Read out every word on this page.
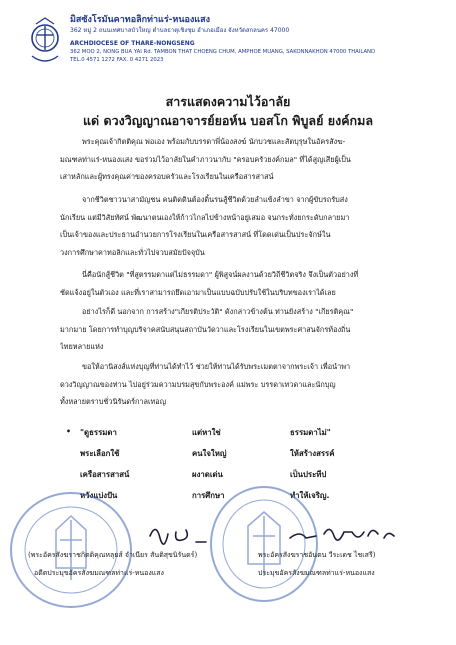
มิสซังโรมันคาทอลิกท่าแร่-หนองแสง
362 หมู่ 2 ถนนเทศบาลบัวใหญ่ ตำบลธาตุเชิงชุม อำเภอเมือง จังหวัดสกลนคร 47000
ARCHDIOCESE OF THARE-NONGSENG
362 MOO 2, NONG BUA YAI Rd. TAMBON THAT CHOENG CHUM, AMPHOE MUANG, SAKONNAKHON 47000 THAILAND
TEL.0 4571 1272 FAX. 0 4271 2023
สารแสดงความไว้อาลัย
แด่ ดวงวิญญาณอาจารย์ยอห์น บอสโก พิบูลย์ ยงค์กมล
พระคุณเจ้ากิตติคุณ พ่อเอง พร้อมกับบรรดาพี่น้องสงฆ์ นักบวชและสัตบุรุษในอัครสังฆ-
มณฑลท่าแร่-หนองแสง ขอร่วมไว้อาลัยในคำภาวนากับ "ครอบครัวยงค์กมล" ที่ได้สูญเสียผู้เป็น
เสาหลักและผู้ทรงคุณค่าของครอบครัวและโรงเรียนในเครือสารสาสน์
จากชีวิตชาวนาสามัญชน คนติดดินต้องดิ้นรนสู้ชีวิตด้วยลำแข้งลำขา จากผู้ขับรถรับส่ง
นักเรียน แต่มีวิสัยทัศน์ พัฒนาตนเองให้ก้าวไกลไปข้างหน้าอยู่เสมอ จนกระทั่งยกระดับกลายมา
เป็นเจ้าของและประธานอำนวยการโรงเรียนในเครือสารสาสน์ ที่โดดเด่นเป็นประจักษ์ใน
วงการศึกษาคาทอลิกและทั่วไปจวบสมัยปัจจุบัน
นี่คือนักสู้ชีวิต "ที่สูตรรมดาแต่ไม่ธรรมดา" ผู้พิสูจน์ผลงานด้วยวิถีชีวิตจริง จึงเป็นตัวอย่างที่
ชัดแจ้งอยู่ในตัวเอง และที่เราสามารถยึดเอามาเป็นแบบฉบับปรับใช้ในบริบทของเราได้เลย
อย่างไรก็ดี นอกจาก การสร้าง"เกียรติประวัติ" ดังกล่าวข้างต้น ท่านยังสร้าง "เกียรติคุณ"
มากมาย โดยการทำบุญบริจาคสนับสนุนสถาบันวัดวาและโรงเรียนในเขตพระศาสนจักรท้องถิ่น
ไทยหลายแห่ง
ขอให้อานิสงส์แห่งบุญที่ท่านได้ทำไว้ ช่วยให้ท่านได้รับพระเมตตาจากพระเจ้า เพื่อนำพา
ดวงวิญญาณของท่าน ไปอยู่ร่วมความบรมสุขกับพระองค์ แม่พระ บรรดาเทวดาและนักบุญ
ทั้งหลายตราบชั่วนิรันดร์กาลเทอญ
• "ดูธรรมดา	แต่หาใช่	ธรรมดาไม่"
พระเลือกใช้	คนใจใหญ่	ให้สร้างสรรค์
เครือสารสาสน์	ผงาดเด่น	เป็นประทีป
หวังแบ่งปัน	การศึกษา	ทำให้เจริญ.
(พระอัครสังฆราชกิตติคุณหลุยส์ จำเนียร สันติสุขนิรันดร์)
อดีตประมุขอัครสังฆมณฑลท่าแร่-หนองแสง
พระอัครสังฆราชอันตน วีระเดช ไชเสรี)
ประมุขอัครสังฆมณฑลท่าแร่-หนองแสง
